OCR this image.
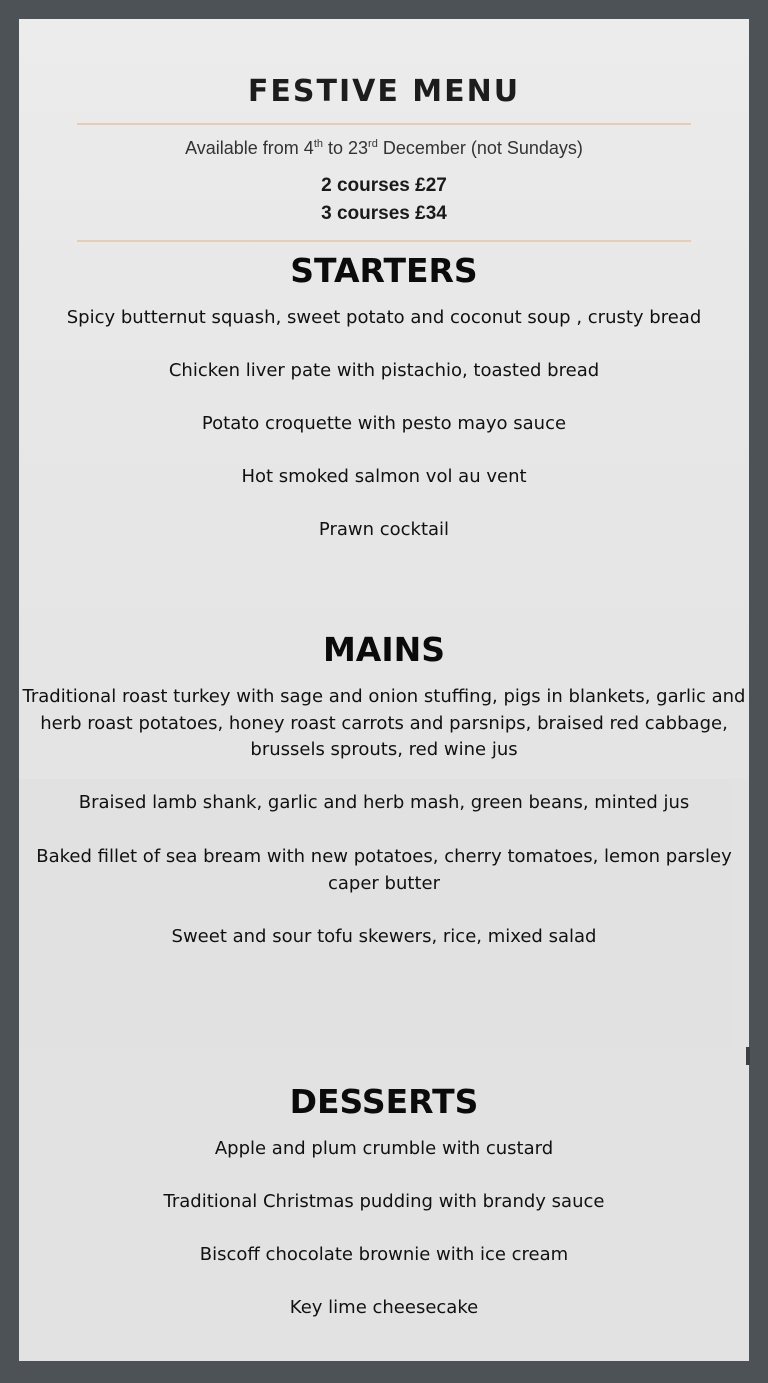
FESTIVE MENU
Available from 4th to 23rd December (not Sundays)
2 courses £27
3 courses £34
STARTERS
Spicy butternut squash, sweet potato and coconut soup , crusty bread
Chicken liver pate with pistachio, toasted bread
Potato croquette with pesto mayo sauce
Hot smoked salmon vol au vent
Prawn cocktail
MAINS
Traditional roast turkey with sage and onion stuffing, pigs in blankets, garlic and herb roast potatoes, honey roast carrots and parsnips, braised red cabbage, brussels sprouts, red wine jus
Braised lamb shank, garlic and herb mash, green beans, minted jus
Baked fillet of sea bream with new potatoes, cherry tomatoes, lemon parsley caper butter
Sweet and sour tofu skewers, rice, mixed salad
DESSERTS
Apple and plum crumble with custard
Traditional Christmas pudding with brandy sauce
Biscoff chocolate brownie with ice cream
Key lime cheesecake
